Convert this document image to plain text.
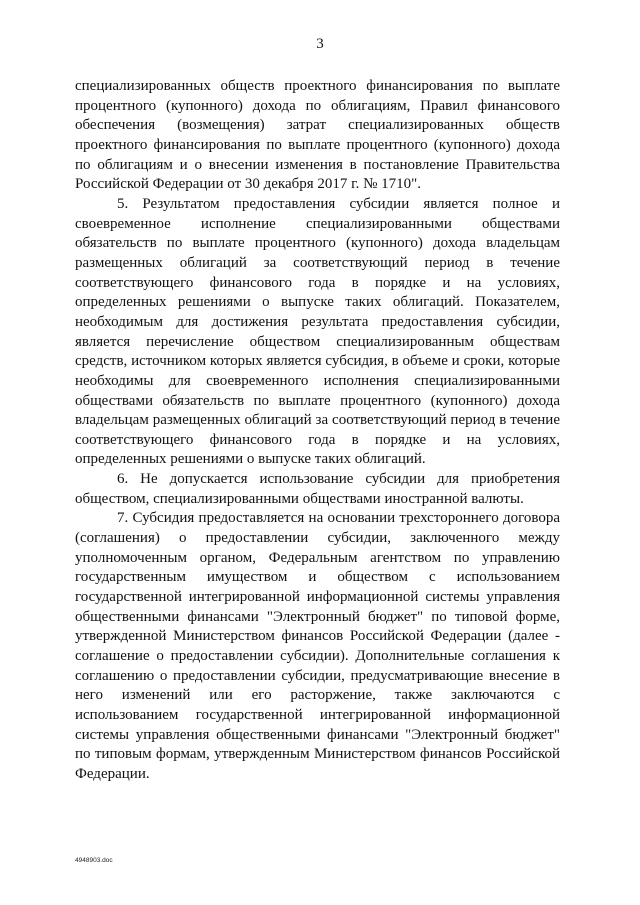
3

специализированных обществ проектного финансирования по выплате процентного (купонного) дохода по облигациям, Правил финансового обеспечения (возмещения) затрат специализированных обществ проектного финансирования по выплате процентного (купонного) дохода по облигациям и о внесении изменения в постановление Правительства Российской Федерации от 30 декабря 2017 г. № 1710".

5. Результатом предоставления субсидии является полное и своевременное исполнение специализированными обществами обязательств по выплате процентного (купонного) дохода владельцам размещенных облигаций за соответствующий период в течение соответствующего финансового года в порядке и на условиях, определенных решениями о выпуске таких облигаций. Показателем, необходимым для достижения результата предоставления субсидии, является перечисление обществом специализированным обществам средств, источником которых является субсидия, в объеме и сроки, которые необходимы для своевременного исполнения специализированными обществами обязательств по выплате процентного (купонного) дохода владельцам размещенных облигаций за соответствующий период в течение соответствующего финансового года в порядке и на условиях, определенных решениями о выпуске таких облигаций.

6. Не допускается использование субсидии для приобретения обществом, специализированными обществами иностранной валюты.

7. Субсидия предоставляется на основании трехстороннего договора (соглашения) о предоставлении субсидии, заключенного между уполномоченным органом, Федеральным агентством по управлению государственным имуществом и обществом с использованием государственной интегрированной информационной системы управления общественными финансами "Электронный бюджет" по типовой форме, утвержденной Министерством финансов Российской Федерации (далее - соглашение о предоставлении субсидии). Дополнительные соглашения к соглашению о предоставлении субсидии, предусматривающие внесение в него изменений или его расторжение, также заключаются с использованием государственной интегрированной информационной системы управления общественными финансами "Электронный бюджет" по типовым формам, утвержденным Министерством финансов Российской Федерации.

4948903.doc
